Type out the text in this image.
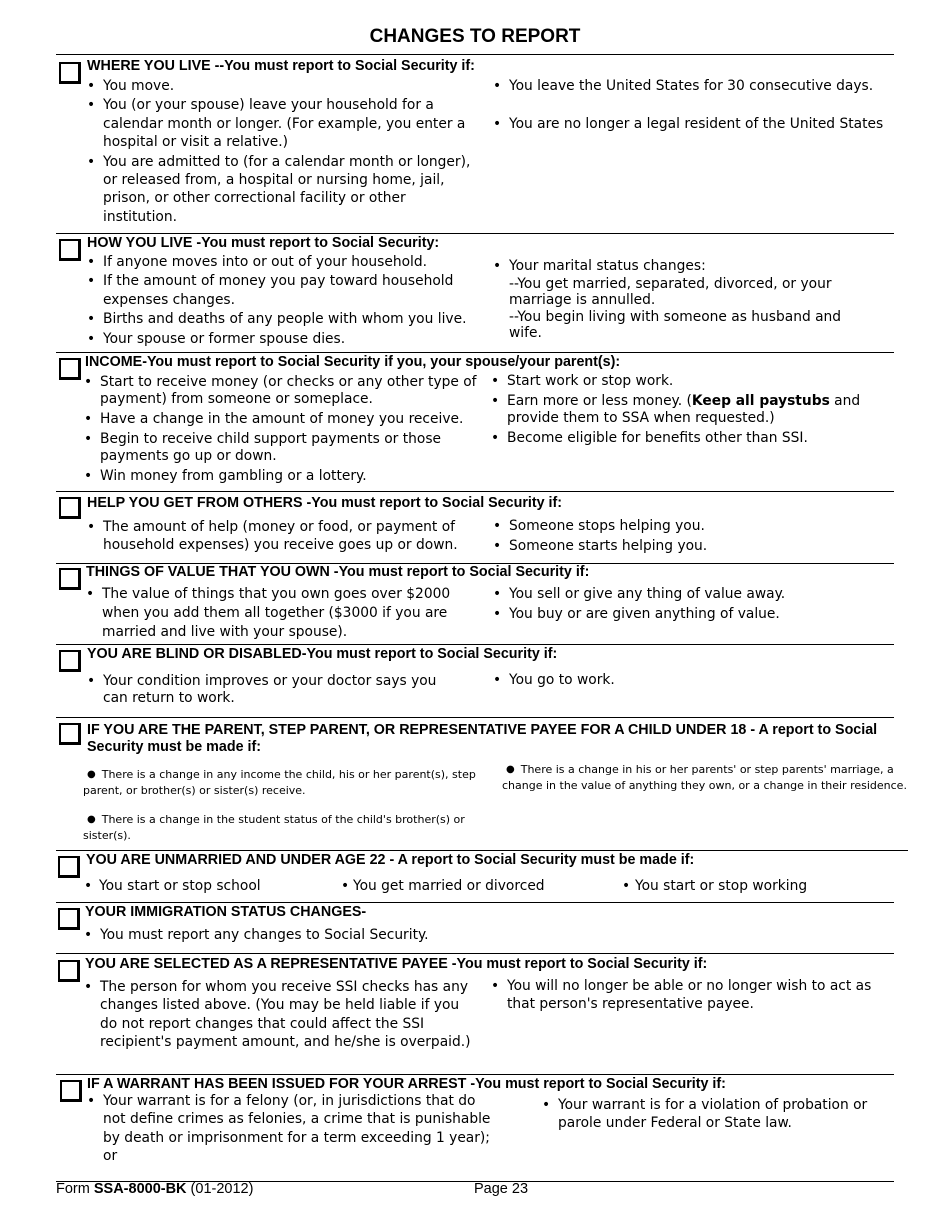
CHANGES TO REPORT
WHERE YOU LIVE --You must report to Social Security if:
• You move.
• You (or your spouse) leave your household for a calendar month or longer. (For example, you enter a hospital or visit a relative.)
• You are admitted to (for a calendar month or longer), or released from, a hospital or nursing home, jail, prison, or other correctional facility or other institution.
• You leave the United States for 30 consecutive days.
• You are no longer a legal resident of the United States
HOW YOU LIVE -You must report to Social Security:
• If anyone moves into or out of your household.
• If the amount of money you pay toward household expenses changes.
• Births and deaths of any people with whom you live.
• Your spouse or former spouse dies.
• Your marital status changes:
--You get married, separated, divorced, or your marriage is annulled.
--You begin living with someone as husband and wife.
INCOME-You must report to Social Security if you, your spouse/your parent(s):
• Start to receive money (or checks or any other type of payment) from someone or someplace.
• Have a change in the amount of money you receive.
• Begin to receive child support payments or those payments go up or down.
• Win money from gambling or a lottery.
• Start work or stop work.
• Earn more or less money. (Keep all paystubs and provide them to SSA when requested.)
• Become eligible for benefits other than SSI.
HELP YOU GET FROM OTHERS -You must report to Social Security if:
• The amount of help (money or food, or payment of household expenses) you receive goes up or down.
• Someone stops helping you.
• Someone starts helping you.
THINGS OF VALUE THAT YOU OWN -You must report to Social Security if:
• The value of things that you own goes over $2000 when you add them all together ($3000 if you are married and live with your spouse).
• You sell or give any thing of value away.
• You buy or are given anything of value.
YOU ARE BLIND OR DISABLED-You must report to Social Security if:
• Your condition improves or your doctor says you can return to work.
• You go to work.
IF YOU ARE THE PARENT, STEP PARENT, OR REPRESENTATIVE PAYEE FOR A CHILD UNDER 18 - A report to Social Security must be made if:
● There is a change in any income the child, his or her parent(s), step parent, or brother(s) or sister(s) receive.
● There is a change in the student status of the child's brother(s) or sister(s).
● There is a change in his or her parents' or step parents' marriage, a change in the value of anything they own, or a change in their residence.
YOU ARE UNMARRIED AND UNDER AGE 22 - A report to Social Security must be made if:
• You start or stop school	• You get married or divorced	• You start or stop working
YOUR IMMIGRATION STATUS CHANGES-
• You must report any changes to Social Security.
YOU ARE SELECTED AS A REPRESENTATIVE PAYEE -You must report to Social Security if:
• The person for whom you receive SSI checks has any changes listed above. (You may be held liable if you do not report changes that could affect the SSI recipient's payment amount, and he/she is overpaid.)
• You will no longer be able or no longer wish to act as that person's representative payee.
IF A WARRANT HAS BEEN ISSUED FOR YOUR ARREST -You must report to Social Security if:
• Your warrant is for a felony (or, in jurisdictions that do not define crimes as felonies, a crime that is punishable by death or imprisonment for a term exceeding 1 year); or
• Your warrant is for a violation of probation or parole under Federal or State law.
Form SSA-8000-BK (01-2012)	Page 23
